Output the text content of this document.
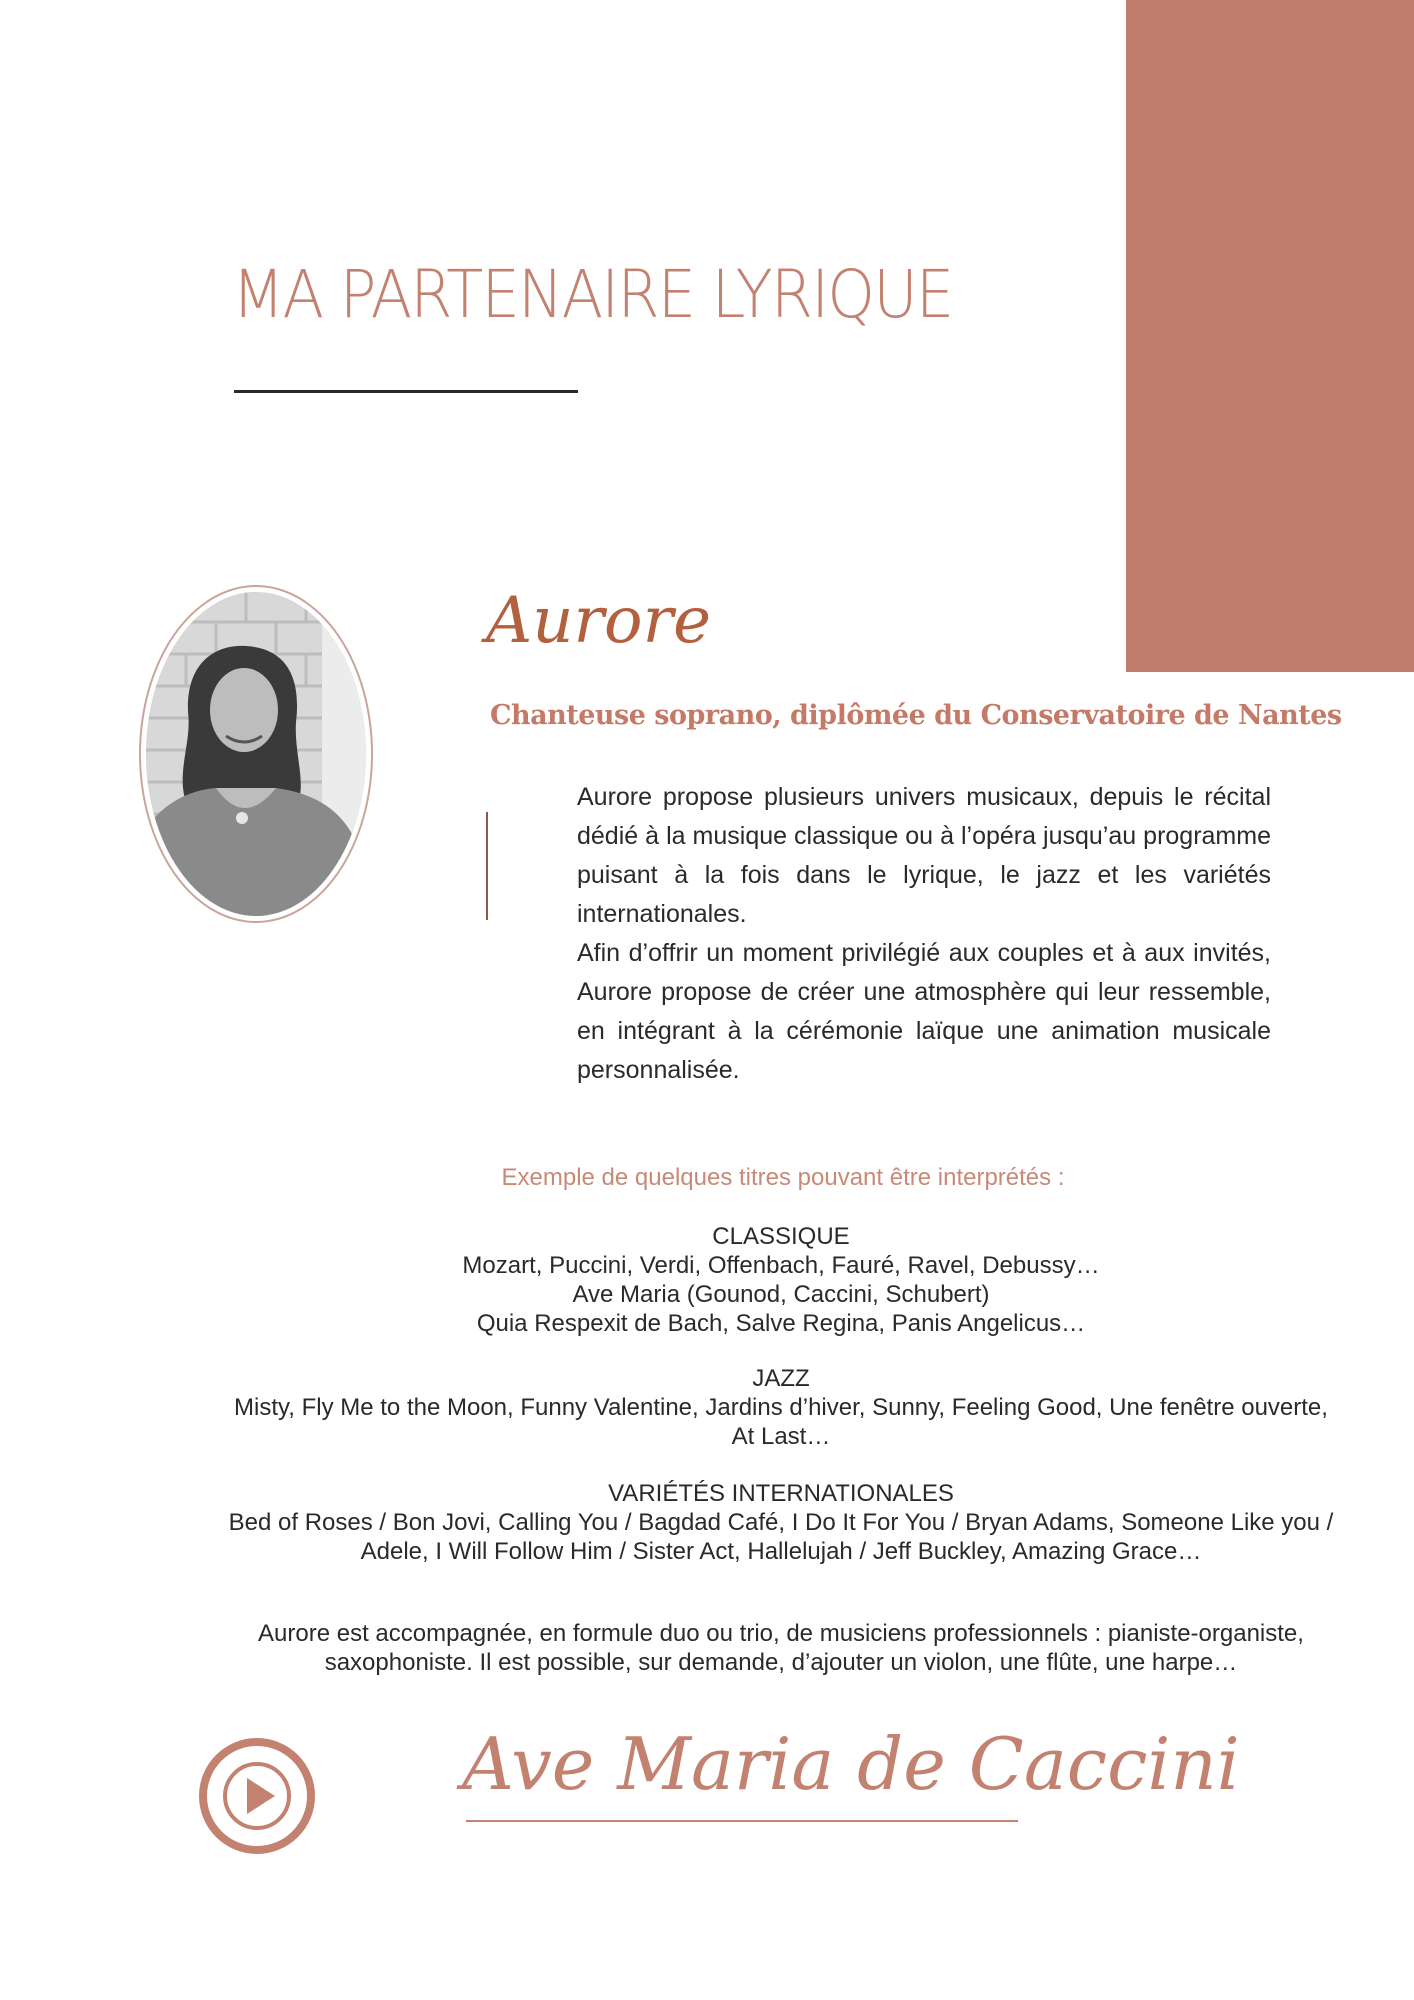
MA PARTENAIRE LYRIQUE
Aurore
Chanteuse soprano, diplômée du Conservatoire de Nantes

Aurore propose plusieurs univers musicaux, depuis le récital dédié à la musique classique ou à l’opéra jusqu’au programme puisant à la fois dans le lyrique, le jazz et les variétés internationales.

Afin d’offrir un moment privilégié aux couples et à aux invités, Aurore propose de créer une atmosphère qui leur ressemble, en intégrant à la cérémonie laïque une animation musicale personnalisée.

Exemple de quelques titres pouvant être interprétés :

CLASSIQUE
Mozart, Puccini, Verdi, Offenbach, Fauré, Ravel, Debussy…
Ave Maria (Gounod, Caccini, Schubert)
Quia Respexit de Bach, Salve Regina, Panis Angelicus…
JAZZ
Misty, Fly Me to the Moon, Funny Valentine, Jardins d’hiver, Sunny, Feeling Good, Une fenêtre ouverte,
At Last…
VARIÉTÉS INTERNATIONALES
Bed of Roses / Bon Jovi, Calling You / Bagdad Café, I Do It For You / Bryan Adams, Someone Like you /
Adele, I Will Follow Him / Sister Act, Hallelujah / Jeff Buckley, Amazing Grace…
Aurore est accompagnée, en formule duo ou trio, de musiciens professionnels : pianiste-organiste,
saxophoniste. Il est possible, sur demande, d’ajouter un violon, une flûte, une harpe…
Ave Maria de Caccini
